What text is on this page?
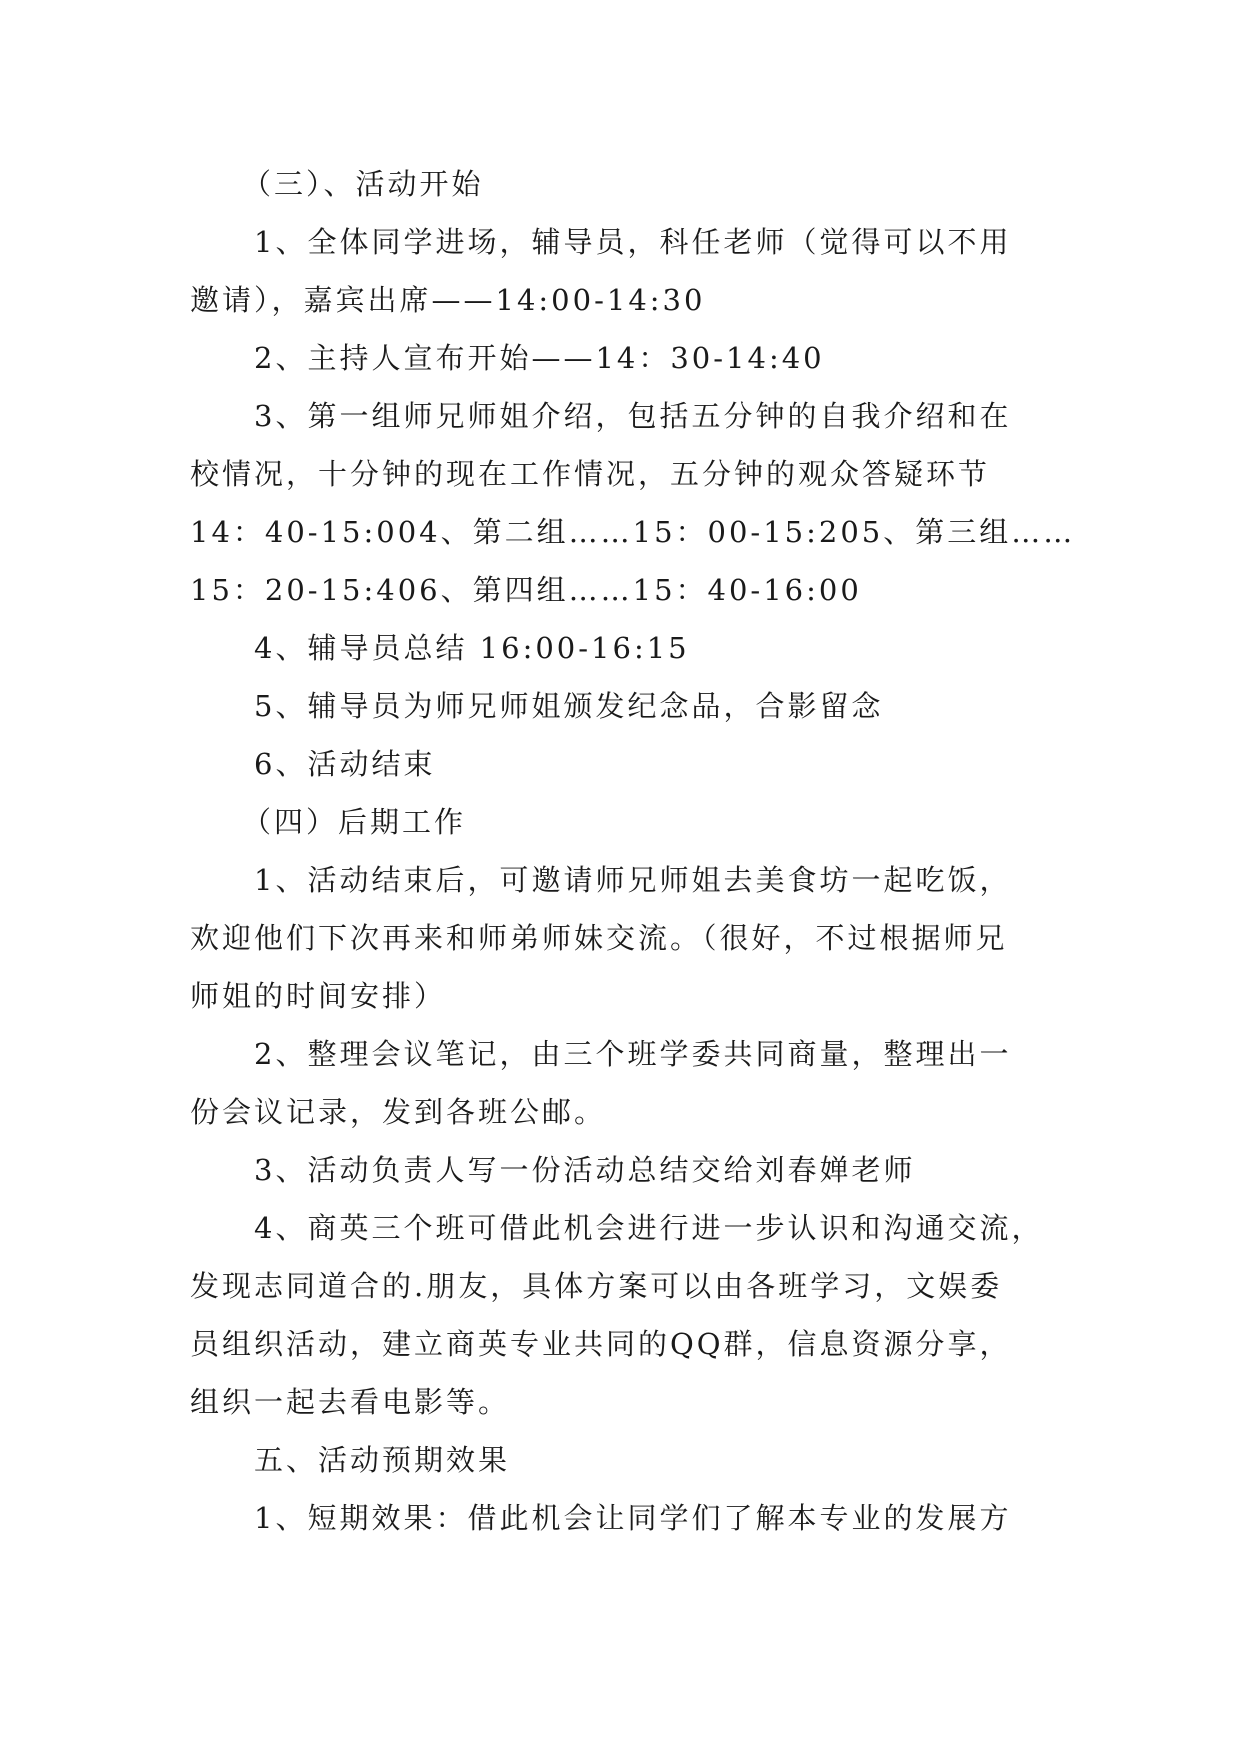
（三）、活动开始
1、全体同学进场，辅导员，科任老师（觉得可以不用
邀请），嘉宾出席——14:00-14:30
2、主持人宣布开始——14：30-14:40
3、第一组师兄师姐介绍，包括五分钟的自我介绍和在
校情况，十分钟的现在工作情况，五分钟的观众答疑环节
14：40-15:004、第二组……15：00-15:205、第三组……
15：20-15:406、第四组……15：40-16:00
4、辅导员总结 16:00-16:15
5、辅导员为师兄师姐颁发纪念品，合影留念
6、活动结束
（四）后期工作
1、活动结束后，可邀请师兄师姐去美食坊一起吃饭，
欢迎他们下次再来和师弟师妹交流。（很好，不过根据师兄
师姐的时间安排）
2、整理会议笔记，由三个班学委共同商量，整理出一
份会议记录，发到各班公邮。
3、活动负责人写一份活动总结交给刘春婵老师
4、商英三个班可借此机会进行进一步认识和沟通交流，
发现志同道合的.朋友，具体方案可以由各班学习，文娱委
员组织活动，建立商英专业共同的QQ群，信息资源分享，
组织一起去看电影等。
五、活动预期效果
1、短期效果：借此机会让同学们了解本专业的发展方
